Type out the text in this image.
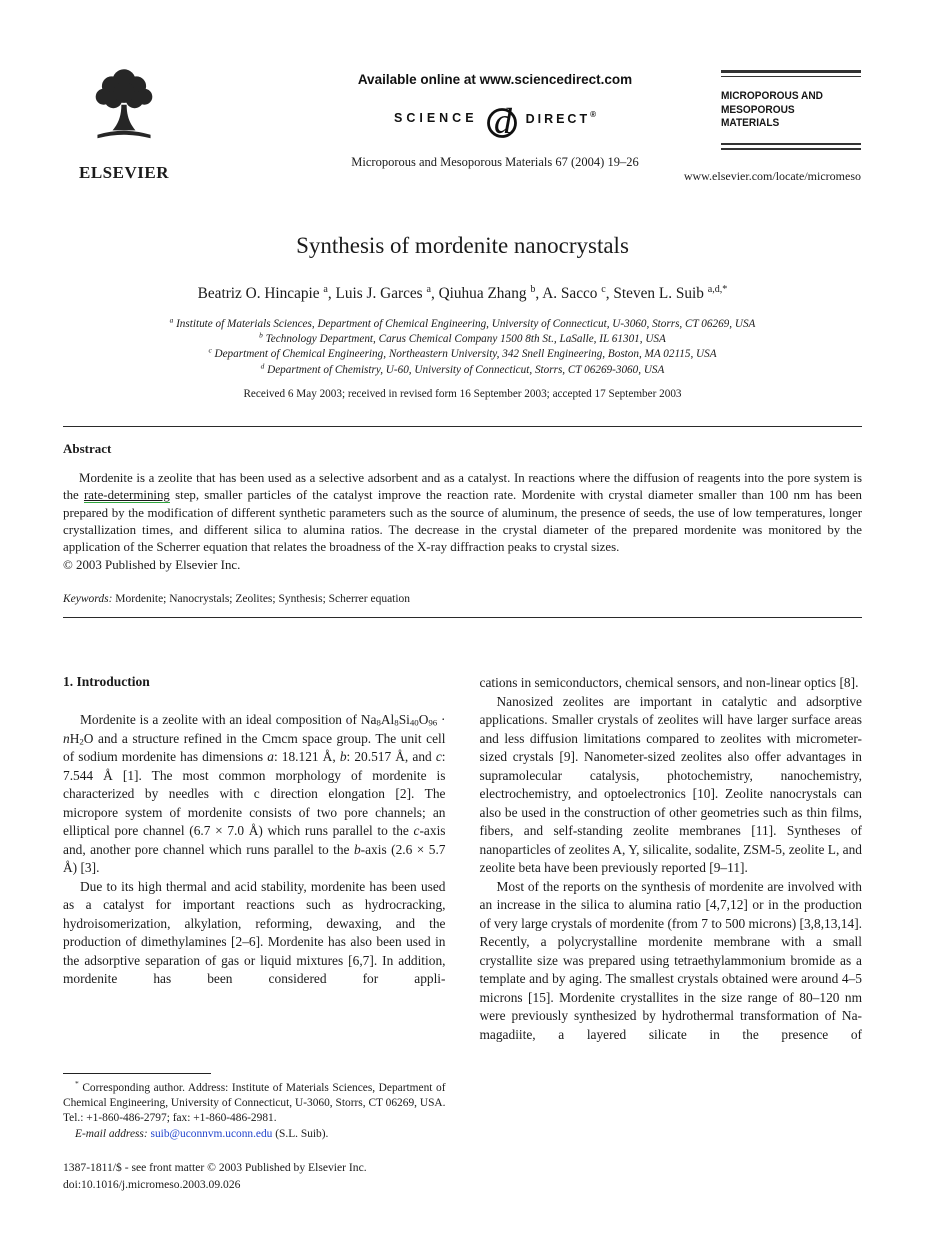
ELSEVIER
Available online at www.sciencedirect.com
SCIENCE d DIRECT®
Microporous and Mesoporous Materials 67 (2004) 19–26
MICROPOROUS AND
MESOPOROUS MATERIALS
www.elsevier.com/locate/micromeso
Synthesis of mordenite nanocrystals
Beatriz O. Hincapie $^a$, Luis J. Garces $^a$, Qiuhua Zhang $^b$, A. Sacco $^c$, Steven L. Suib $^{a,d,*}$
$^a$ Institute of Materials Sciences, Department of Chemical Engineering, University of Connecticut, U-3060, Storrs, CT 06269, USA
$^b$ Technology Department, Carus Chemical Company 1500 8th St., LaSalle, IL 61301, USA
$^c$ Department of Chemical Engineering, Northeastern University, 342 Snell Engineering, Boston, MA 02115, USA
$^d$ Department of Chemistry, U-60, University of Connecticut, Storrs, CT 06269-3060, USA
Received 6 May 2003; received in revised form 16 September 2003; accepted 17 September 2003
Abstract

Mordenite is a zeolite that has been used as a selective adsorbent and as a catalyst. In reactions where the diffusion of reagents into the pore system is the rate-determining step, smaller particles of the catalyst improve the reaction rate. Mordenite with crystal diameter smaller than 100 nm has been prepared by the modification of different synthetic parameters such as the source of aluminum, the presence of seeds, the use of low temperatures, longer crystallization times, and different silica to alumina ratios. The decrease in the crystal diameter of the prepared mordenite was monitored by the application of the Scherrer equation that relates the broadness of the X-ray diffraction peaks to crystal sizes.

© 2003 Published by Elsevier Inc.

Keywords: Mordenite; Nanocrystals; Zeolites; Synthesis; Scherrer equation
1. Introduction

Mordenite is a zeolite with an ideal composition of Na8Al8Si40O96 · nH2O and a structure refined in the Cmcm space group. The unit cell of sodium mordenite has dimensions a: 18.121 Å, b: 20.517 Å, and c: 7.544 Å [1]. The most common morphology of mordenite is characterized by needles with c direction elongation [2]. The micropore system of mordenite consists of two pore channels; an elliptical pore channel (6.7 × 7.0 Å) which runs parallel to the c-axis and, another pore channel which runs parallel to the b-axis (2.6 × 5.7 Å) [3].

Due to its high thermal and acid stability, mordenite has been used as a catalyst for important reactions such as hydrocracking, hydroisomerization, alkylation, reforming, dewaxing, and the production of dimethylamines [2–6]. Mordenite has also been used in the adsorptive separation of gas or liquid mixtures [6,7]. In addition, mordenite has been considered for appli-

* Corresponding author. Address: Institute of Materials Sciences, Department of Chemical Engineering, University of Connecticut, U-3060, Storrs, CT 06269, USA. Tel.: +1-860-486-2797; fax: +1-860-486-2981.

E-mail address: suib@uconnvm.uconn.edu (S.L. Suib).

cations in semiconductors, chemical sensors, and non-linear optics [8].

Nanosized zeolites are important in catalytic and adsorptive applications. Smaller crystals of zeolites will have larger surface areas and less diffusion limitations compared to zeolites with micrometer-sized crystals [9]. Nanometer-sized zeolites also offer advantages in supramolecular catalysis, photochemistry, nanochemistry, electrochemistry, and optoelectronics [10]. Zeolite nanocrystals can also be used in the construction of other geometries such as thin films, fibers, and self-standing zeolite membranes [11]. Syntheses of nanoparticles of zeolites A, Y, silicalite, sodalite, ZSM-5, zeolite L, and zeolite beta have been previously reported [9–11].

Most of the reports on the synthesis of mordenite are involved with an increase in the silica to alumina ratio [4,7,12] or in the production of very large crystals of mordenite (from 7 to 500 microns) [3,8,13,14]. Recently, a polycrystalline mordenite membrane with a small crystallite size was prepared using tetraethylammonium bromide as a template and by aging. The smallest crystals obtained were around 4–5 microns [15]. Mordenite crystallites in the size range of 80–120 nm were previously synthesized by hydrothermal transformation of Na-magadiite, a layered silicate in the presence of

1387-1811/$ - see front matter © 2003 Published by Elsevier Inc.
doi:10.1016/j.micromeso.2003.09.026
